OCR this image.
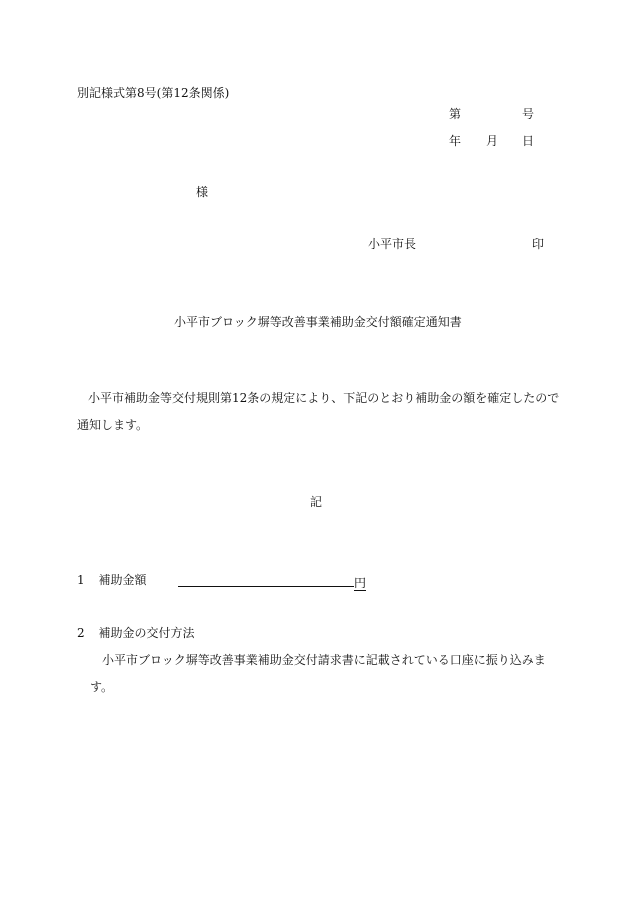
別記様式第8号(第12条関係)
第	号
年 月 日
様
小平市長	印
小平市ブロック塀等改善事業補助金交付額確定通知書
小平市補助金等交付規則第12条の規定により、下記のとおり補助金の額を確定したので
通知します。
記
1 補助金額	円
2 補助金の交付方法
小平市ブロック塀等改善事業補助金交付請求書に記載されている口座に振り込みま
す。
